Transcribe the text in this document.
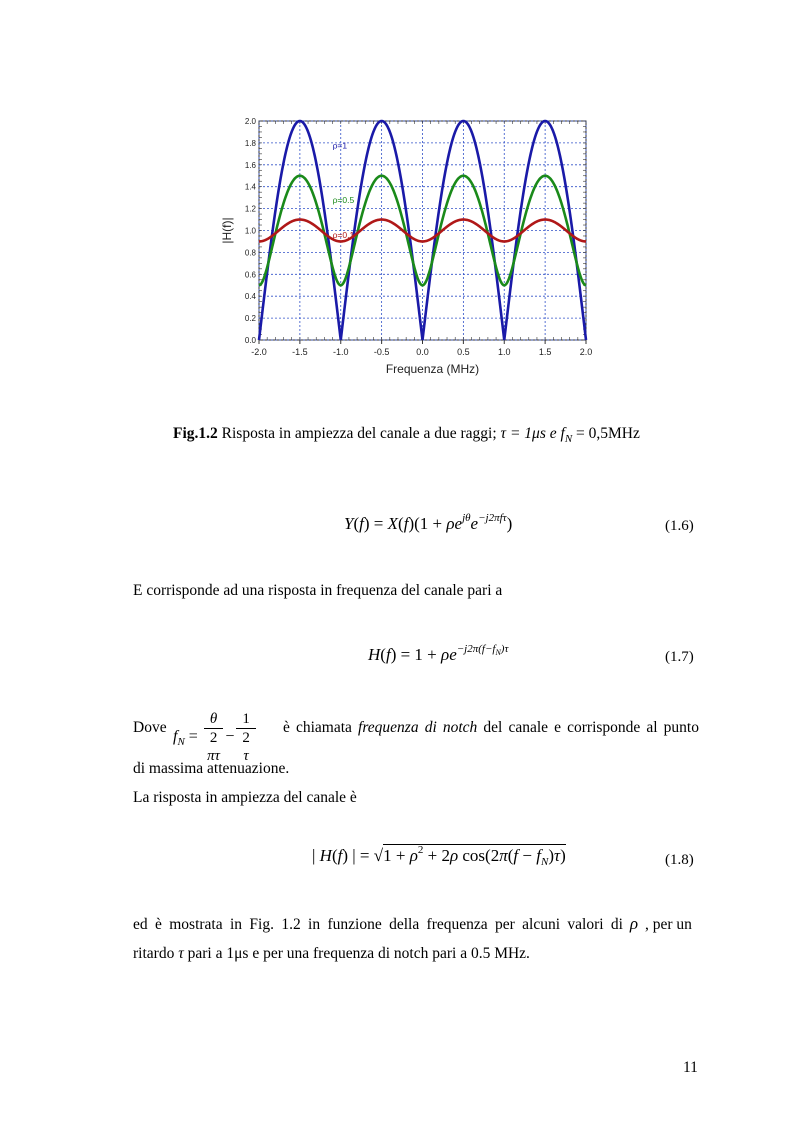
-2.0	-1.5	-1.0	-0.5	0.0	0.5	1.0	1.5	2.0
0.0
0.2
0.4
0.6
0.8
1.0
1.2
1.4
1.6
1.8
2.0
ρ=1
ρ=0.5
ρ=0.1
Frequenza (MHz)
|H(f)|
Fig.1.2 Risposta in ampiezza del canale a due raggi; τ = 1μs e $f_N = 0,5MHz$
$Y(f) = X(f)(1 + \rho e^{j\theta}e^{-j2\pi f\tau})$	(1.6)
E corrisponde ad una risposta in frequenza del canale pari a
$H(f) = 1 + \rho e^{-j2\pi(f-f_N)\tau}$	(1.7)
Dove
$f_N = \theta$
2
πτ − 1
2
τ è chiamata frequenza di notch del canale e corrisponde al punto
di massima attenuazione.
La risposta in ampiezza del canale è
| H(f) | = $√1 + \rho^2 + 2\rho$ $\cos(2\pi(f - f_N)\tau)$	(1.8)
ed è mostrata in Fig. 1.2 in funzione della frequenza per alcuni valori di ρ , per un
ritardo τ pari a 1μs e per una frequenza di notch pari a 0.5 MHz.
11
